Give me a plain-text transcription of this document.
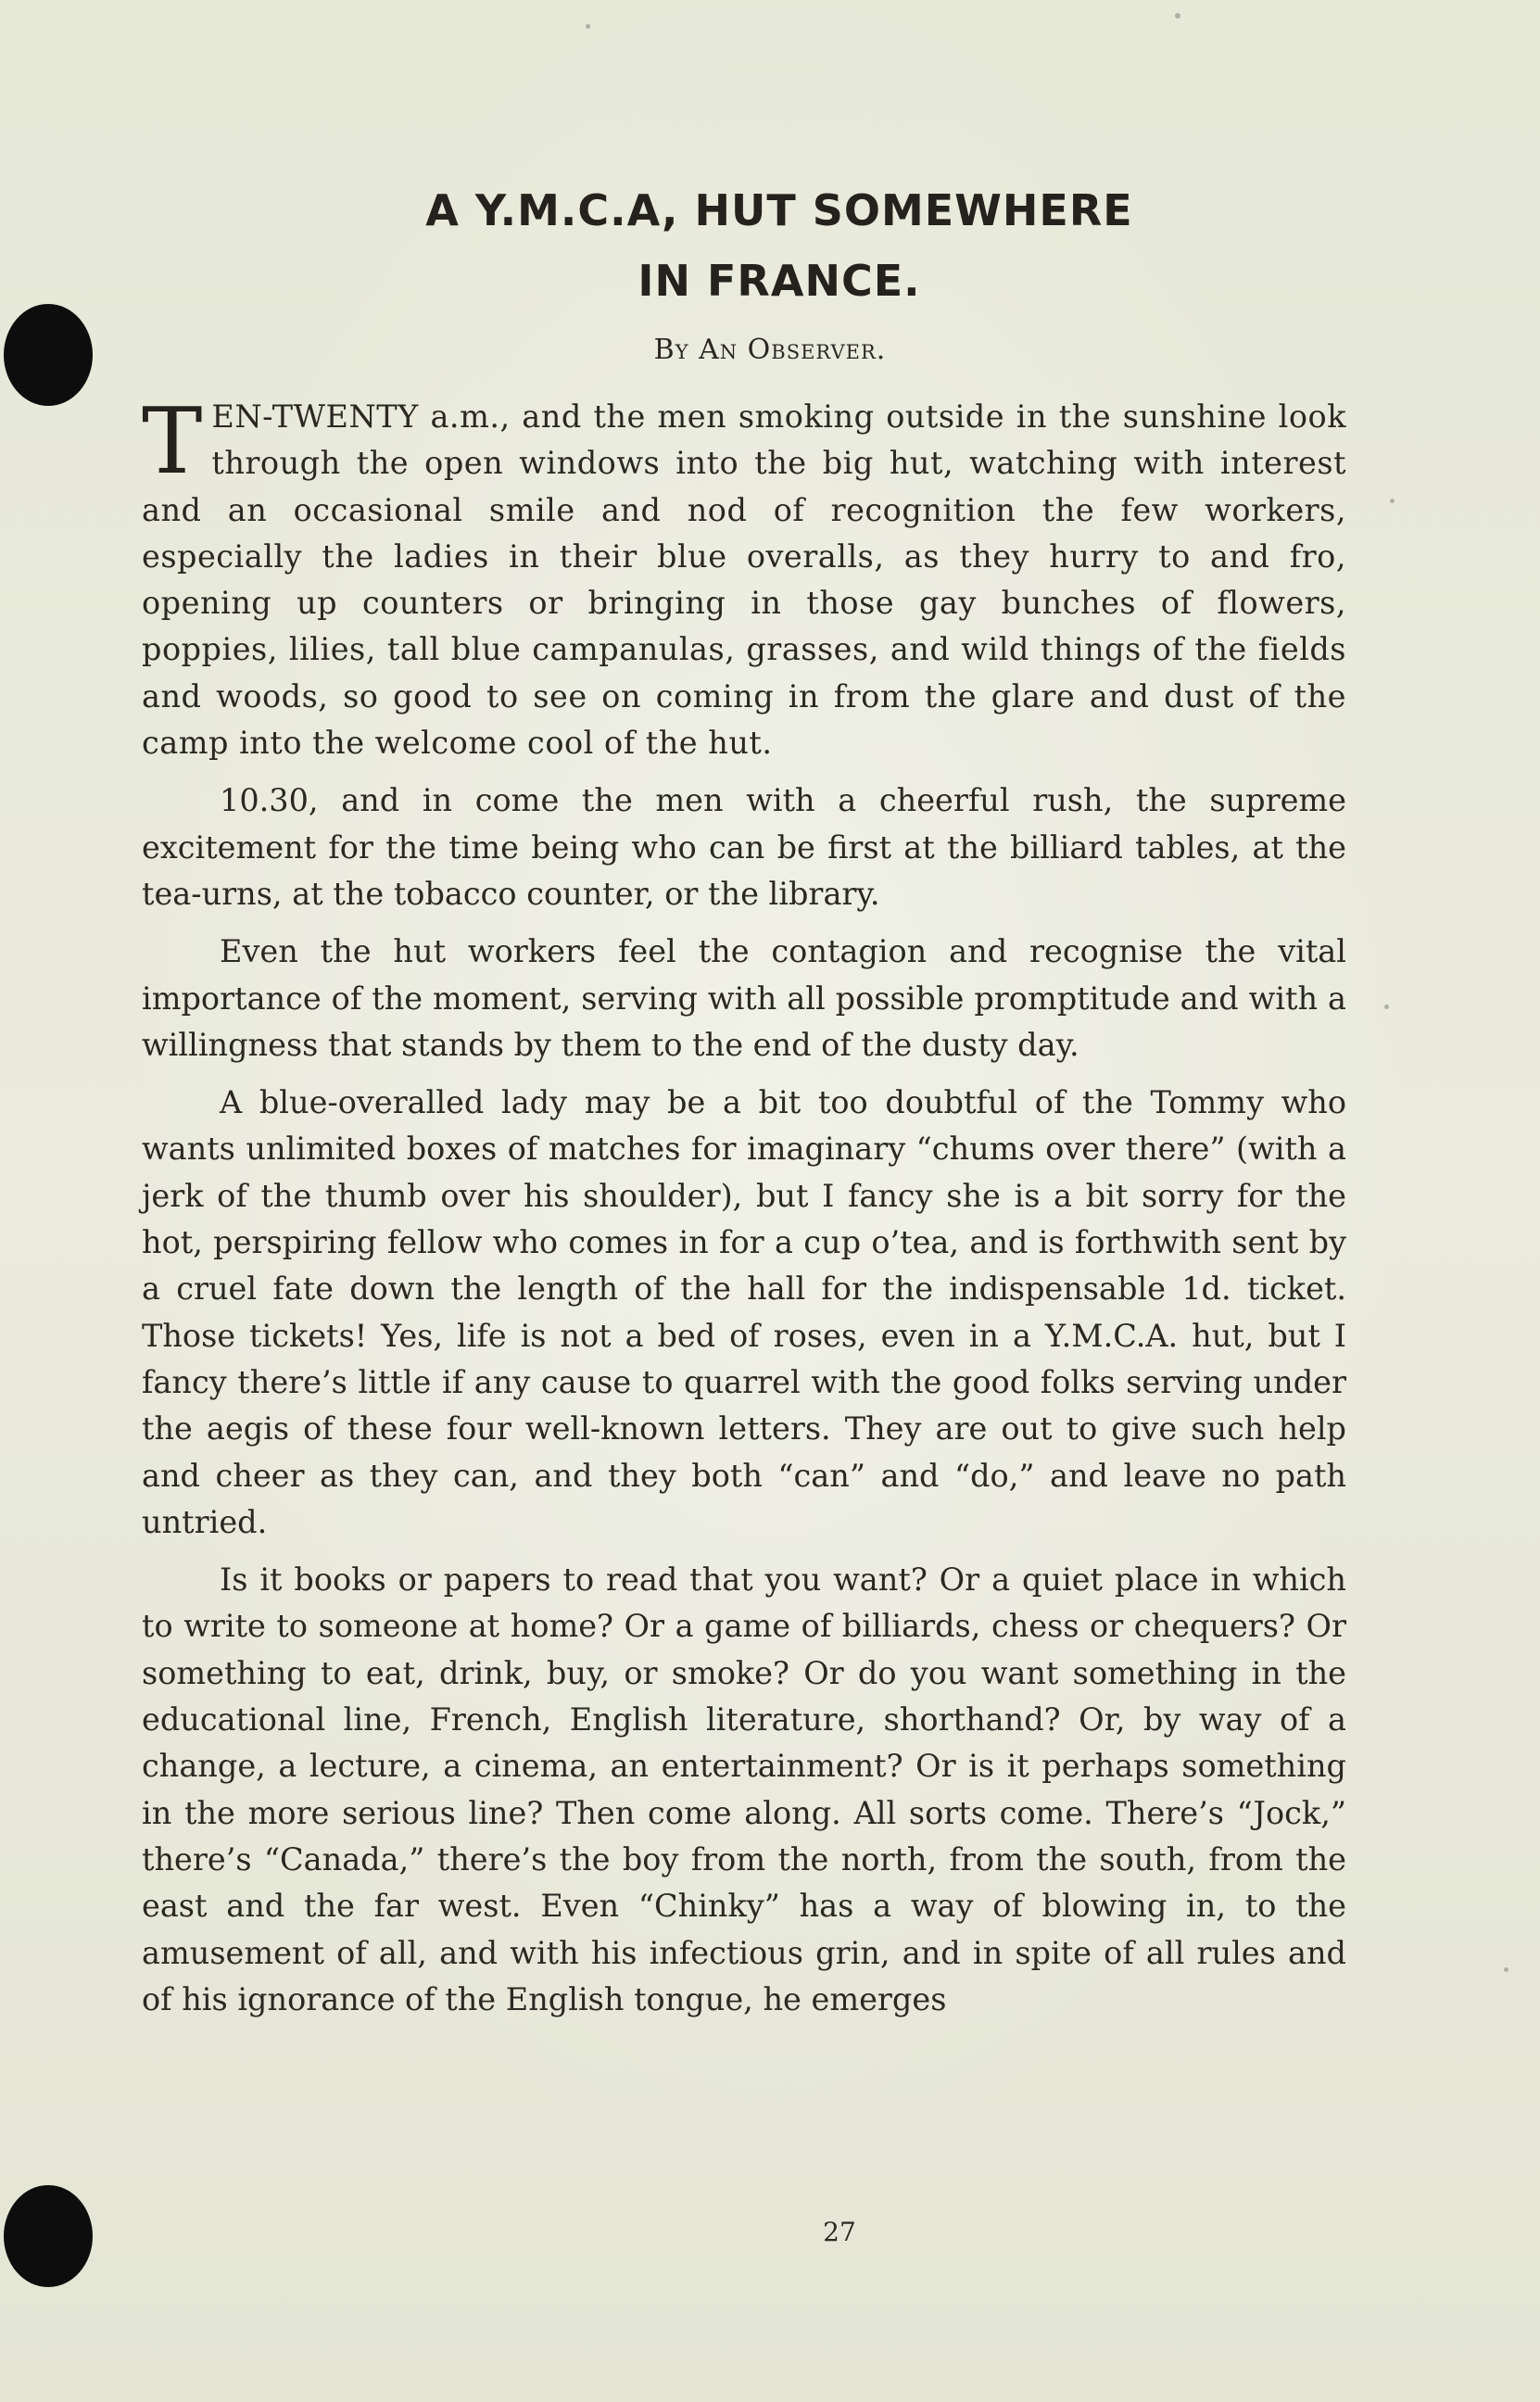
A Y.M.C.A, HUT SOMEWHERE
IN FRANCE.
By An Observer.

TEN-TWENTY a.m., and the men smoking outside in the sunshine look through the open windows into the big hut, watching with interest and an occasional smile and nod of recognition the few workers, especially the ladies in their blue overalls, as they hurry to and fro, opening up counters or bringing in those gay bunches of flowers, poppies, lilies, tall blue campanulas, grasses, and wild things of the fields and woods, so good to see on coming in from the glare and dust of the camp into the welcome cool of the hut.

10.30, and in come the men with a cheerful rush, the supreme excitement for the time being who can be first at the billiard tables, at the tea-urns, at the tobacco counter, or the library.

Even the hut workers feel the contagion and recognise the vital importance of the moment, serving with all possible promptitude and with a willingness that stands by them to the end of the dusty day.

A blue-overalled lady may be a bit too doubtful of the Tommy who wants unlimited boxes of matches for imaginary “chums over there” (with a jerk of the thumb over his shoulder), but I fancy she is a bit sorry for the hot, perspiring fellow who comes in for a cup o’tea, and is forthwith sent by a cruel fate down the length of the hall for the indispensable 1d. ticket. Those tickets! Yes, life is not a bed of roses, even in a Y.M.C.A. hut, but I fancy there’s little if any cause to quarrel with the good folks serving under the aegis of these four well-known letters. They are out to give such help and cheer as they can, and they both “can” and “do,” and leave no path untried.

Is it books or papers to read that you want? Or a quiet place in which to write to someone at home? Or a game of billiards, chess or chequers? Or something to eat, drink, buy, or smoke? Or do you want something in the educational line, French, English literature, shorthand? Or, by way of a change, a lecture, a cinema, an entertainment? Or is it perhaps something in the more serious line? Then come along. All sorts come. There’s “Jock,” there’s “Canada,” there’s the boy from the north, from the south, from the east and the far west. Even “Chinky” has a way of blowing in, to the amusement of all, and with his infectious grin, and in spite of all rules and of his ignorance of the English tongue, he emerges

27
